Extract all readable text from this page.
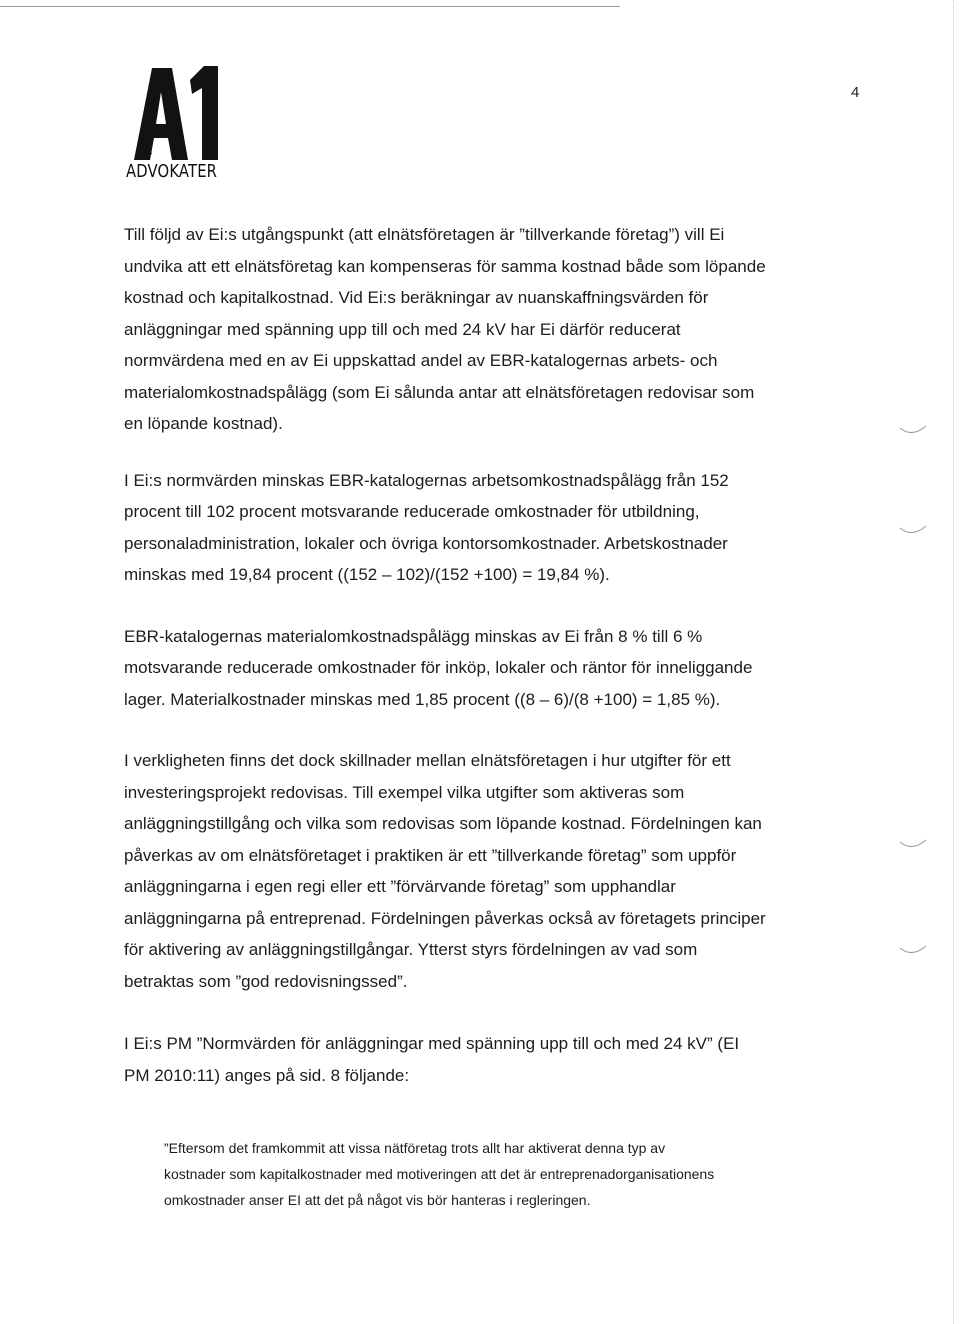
ADVOKATER
4

Till följd av Ei:s utgångspunkt (att elnätsföretagen är ”tillverkande företag”) vill Ei
undvika att ett elnätsföretag kan kompenseras för samma kostnad både som löpande
kostnad och kapitalkostnad. Vid Ei:s beräkningar av nuanskaffningsvärden för
anläggningar med spänning upp till och med 24 kV har Ei därför reducerat
normvärdena med en av Ei uppskattad andel av EBR-katalogernas arbets- och
materialomkostnadspålägg (som Ei sålunda antar att elnätsföretagen redovisar som
en löpande kostnad).

I Ei:s normvärden minskas EBR-katalogernas arbetsomkostnadspålägg från 152
procent till 102 procent motsvarande reducerade omkostnader för utbildning,
personaladministration, lokaler och övriga kontorsomkostnader. Arbetskostnader
minskas med 19,84 procent ((152 – 102)/(152 +100) = 19,84 %).

EBR-katalogernas materialomkostnadspålägg minskas av Ei från 8 % till 6 %
motsvarande reducerade omkostnader för inköp, lokaler och räntor för inneliggande
lager. Materialkostnader minskas med 1,85 procent ((8 – 6)/(8 +100) = 1,85 %).

I verkligheten finns det dock skillnader mellan elnätsföretagen i hur utgifter för ett
investeringsprojekt redovisas. Till exempel vilka utgifter som aktiveras som
anläggningstillgång och vilka som redovisas som löpande kostnad. Fördelningen kan
påverkas av om elnätsföretaget i praktiken är ett ”tillverkande företag” som uppför
anläggningarna i egen regi eller ett ”förvärvande företag” som upphandlar
anläggningarna på entreprenad. Fördelningen påverkas också av företagets principer
för aktivering av anläggningstillgångar. Ytterst styrs fördelningen av vad som
betraktas som ”god redovisningssed”.

I Ei:s PM ”Normvärden för anläggningar med spänning upp till och med 24 kV” (EI
PM 2010:11) anges på sid. 8 följande:

”Eftersom det framkommit att vissa nätföretag trots allt har aktiverat denna typ av
kostnader som kapitalkostnader med motiveringen att det är entreprenadorganisationens
omkostnader anser EI att det på något vis bör hanteras i regleringen.
